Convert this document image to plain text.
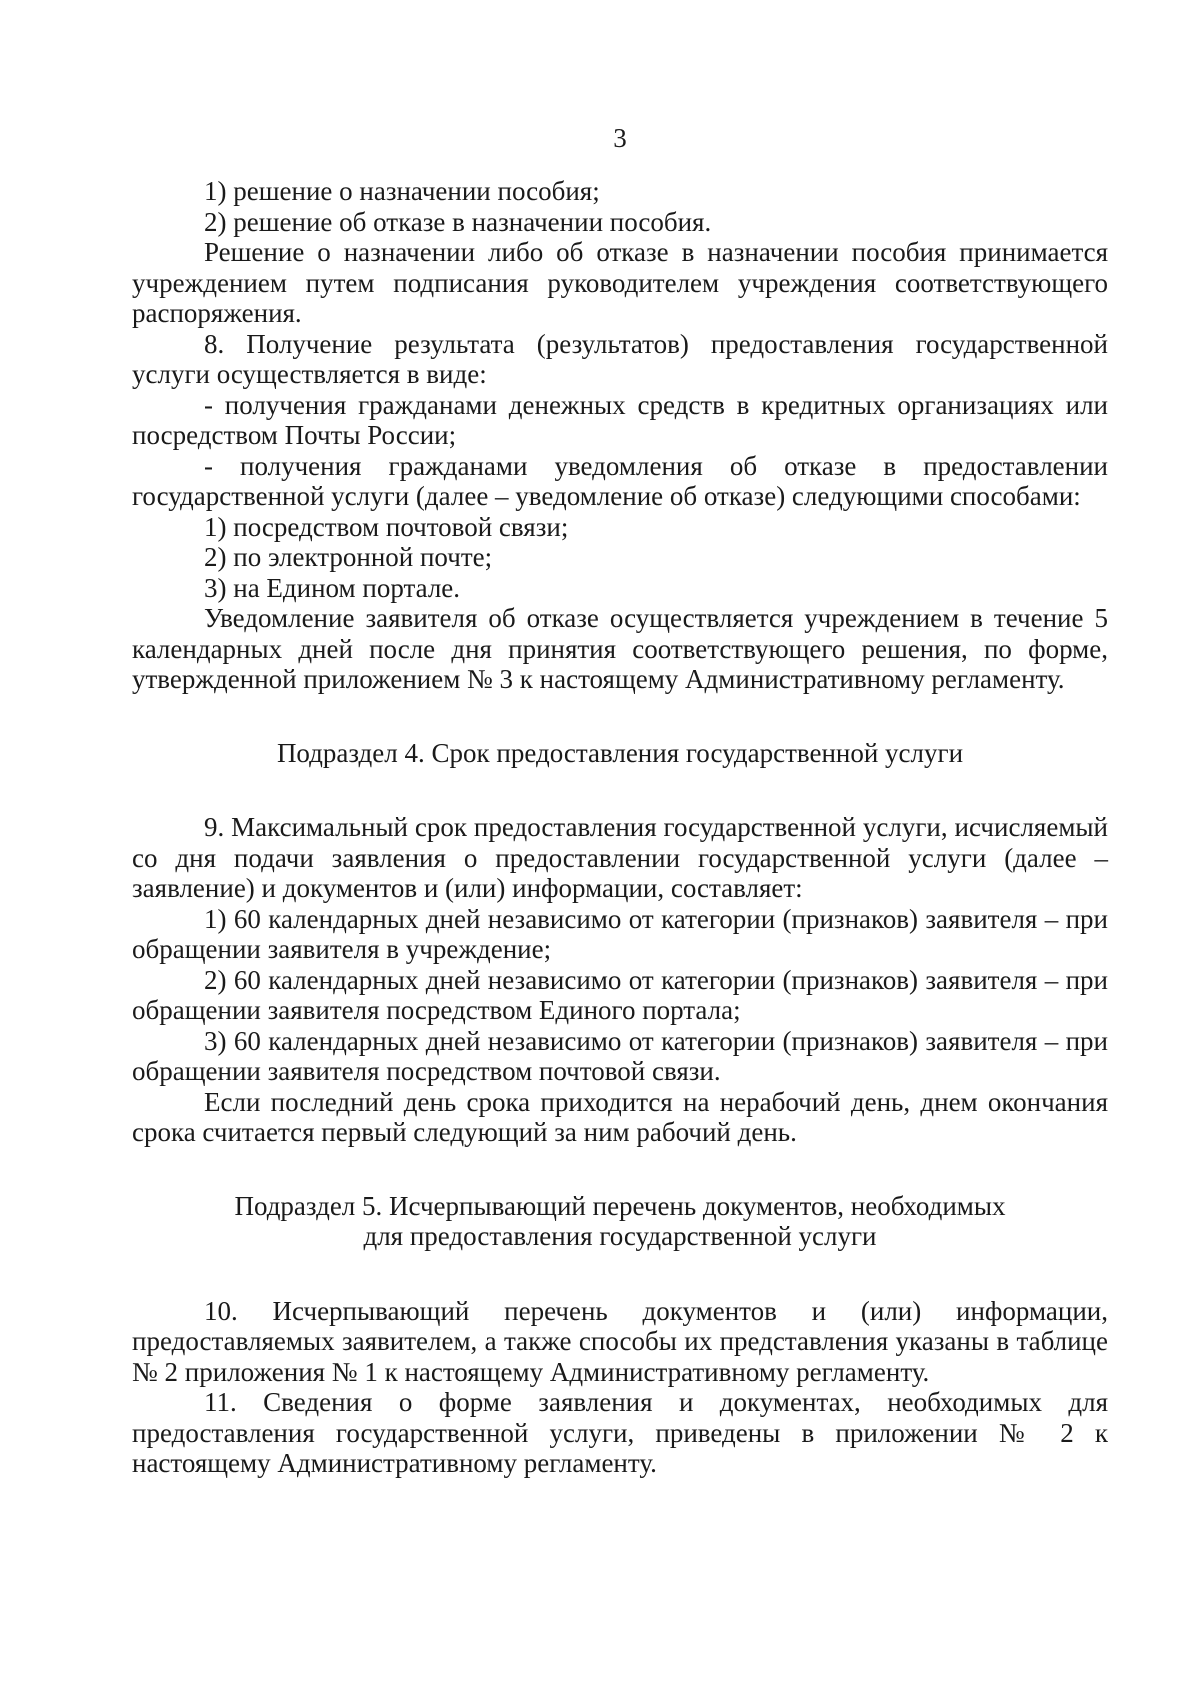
3

1) решение о назначении пособия;

2) решение об отказе в назначении пособия.

Решение о назначении либо об отказе в назначении пособия принимается учреждением путем подписания руководителем учреждения соответствующего распоряжения.

8. Получение результата (результатов) предоставления государственной услуги осуществляется в виде:

- получения гражданами денежных средств в кредитных организациях или посредством Почты России;

- получения гражданами уведомления об отказе в предоставлении государственной услуги (далее – уведомление об отказе) следующими способами:

1) посредством почтовой связи;

2) по электронной почте;

3) на Едином портале.

Уведомление заявителя об отказе осуществляется учреждением в течение 5 календарных дней после дня принятия соответствующего решения, по форме, утвержденной приложением № 3 к настоящему Административному регламенту.

Подраздел 4. Срок предоставления государственной услуги

9. Максимальный срок предоставления государственной услуги, исчисляемый со дня подачи заявления о предоставлении государственной услуги (далее – заявление) и документов и (или) информации, составляет:

1) 60 календарных дней независимо от категории (признаков) заявителя – при обращении заявителя в учреждение;

2) 60 календарных дней независимо от категории (признаков) заявителя – при обращении заявителя посредством Единого портала;

3) 60 календарных дней независимо от категории (признаков) заявителя – при обращении заявителя посредством почтовой связи.

Если последний день срока приходится на нерабочий день, днем окончания срока считается первый следующий за ним рабочий день.

Подраздел 5. Исчерпывающий перечень документов, необходимых

для предоставления государственной услуги

10. Исчерпывающий перечень документов и (или) информации, предоставляемых заявителем, а также способы их представления указаны в таблице № 2 приложения № 1 к настоящему Административному регламенту.

11. Сведения о форме заявления и документах, необходимых для предоставления государственной услуги, приведены в приложении № 2 к настоящему Административному регламенту.
